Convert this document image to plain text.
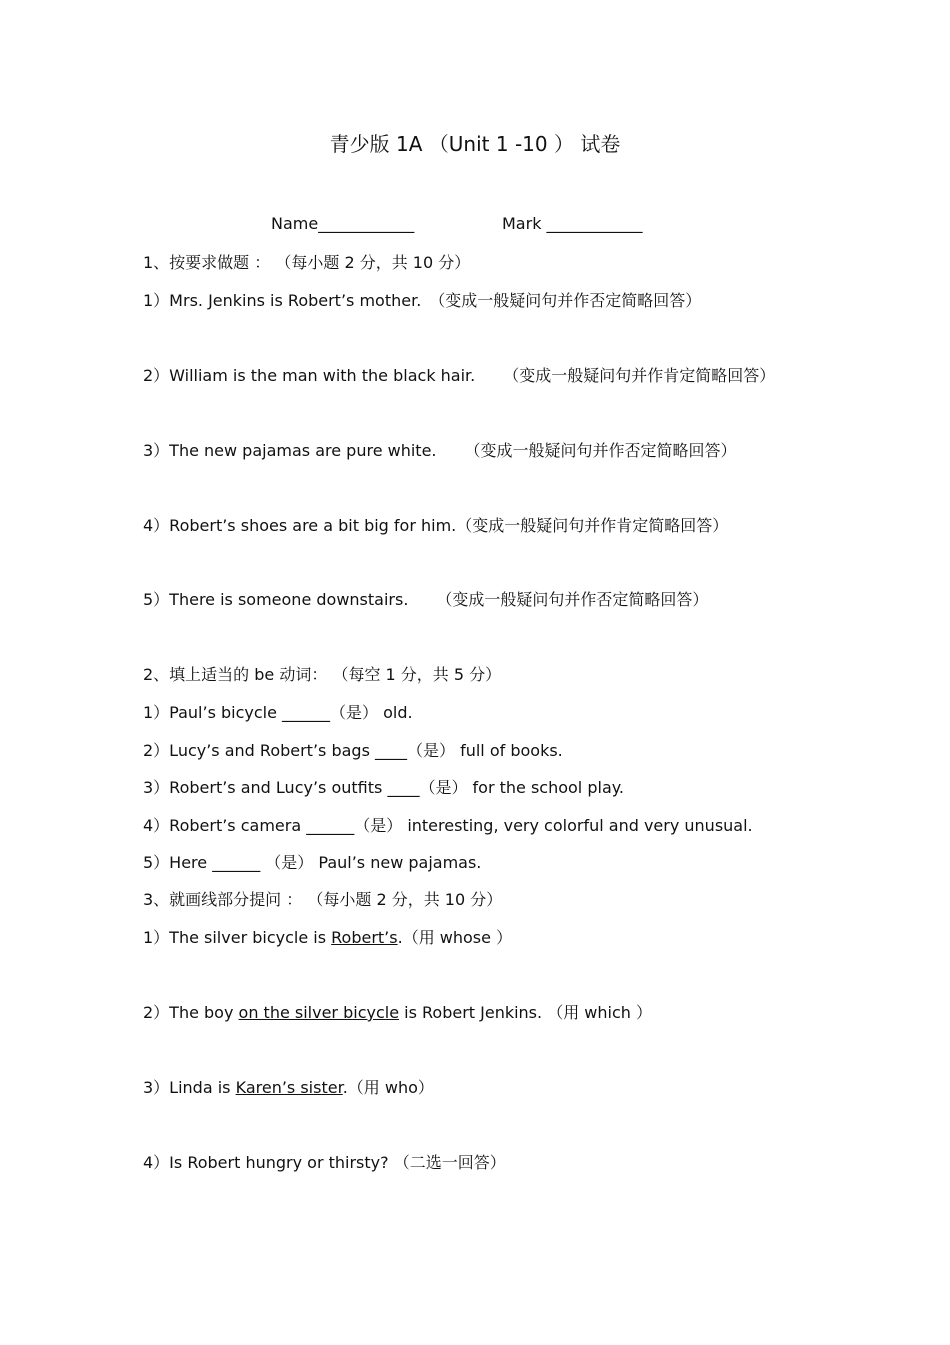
青少版 1A （Unit 1 -10 ） 试卷
Name____________	Mark ____________
1、按要求做题 ： （每小题 2 分，共 10 分）
1）Mrs. Jenkins is Robert’s mother. （变成一般疑问句并作否定简略回答）
2）William is the man with the black hair. （变成一般疑问句并作肯定简略回答）
3）The new pajamas are pure white. （变成一般疑问句并作否定简略回答）
4）Robert’s shoes are a bit big for him.（变成一般疑问句并作肯定简略回答）
5）There is someone downstairs. （变成一般疑问句并作否定简略回答）
2、填上适当的 be 动词： （每空 1 分，共 5 分）
1）Paul’s bicycle ______（是） old.
2）Lucy’s and Robert’s bags ____（是） full of books.
3）Robert’s and Lucy’s outfits ____（是） for the school play.
4）Robert’s camera ______（是） interesting, very colorful and very unusual.
5）Here ______ （是） Paul’s new pajamas.
3、就画线部分提问 ： （每小题 2 分，共 10 分）
1）The silver bicycle is Robert’s.（用 whose ）
2）The boy on the silver bicycle is Robert Jenkins. （用 which ）
3）Linda is Karen’s sister.（用 who）
4）Is Robert hungry or thirsty? （二选一回答）
